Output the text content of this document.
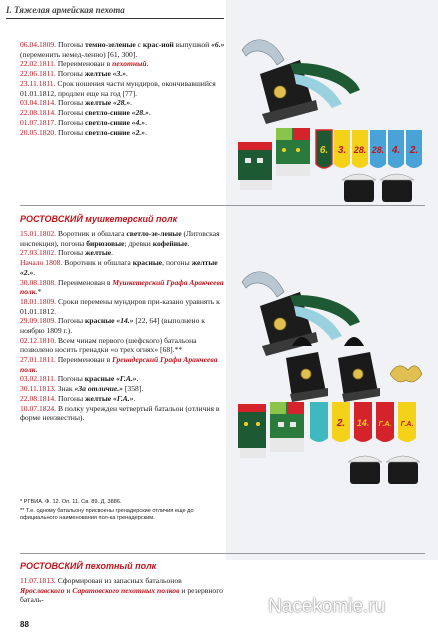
I. Тяжелая армейская пехота
06.04.1809. Погоны темно-зеленые с крас-ной выпушкой «6.» (переменить немед-ленно) [61, 300].
22.02.1811. Переименован в пехотный.
22.06.1811. Погоны желтые «3.».
23.11.1811. Срок ношения части мундиров, окончивавшийся 01.01.1812, продлен еще на год [77].
03.04.1814. Погоны желтые «28.».
22.08.1814. Погоны светло-синие «28.».
01.07.1817. Погоны светло-синие «4.».
20.05.1820. Погоны светло-синие «2.».
РОСТОВСКИЙ мушкетерский полк
15.01.1802. Воротник и обшлага светло-зе-леные (Литовская инспекция), погоны бирюзовые; древки кофейные.
27.03.1802. Погоны желтые.
Начало 1808. Воротник и обшлага красные, погоны желтые «2.».
30.08.1808. Переименован в Мушкетерский Графа Аракчеева полк.*
18.01.1809. Сроки перемены мундиров при-казано уравнять к 01.01.1812.
29.09.1809. Погоны красные «14.» [22, 64] (выполнено к ноябрю 1809 г.).
02.12.1810. Всем чинам первого (шефского) батальона позволено носить гренадки «о трех огнях» [68].**
27.01.1811. Переименован в Гренадерский Графа Аракчеева полк.
03.02.1811. Погоны красные «Г.А.».
30.11.1813. Знак «За отличие.» [358].
22.08.1814. Погоны желтые «Г.А.».
10.07.1824. В полку учрежден четвертый батальон (отличия в форме неизвестны).
* РГВИА. Ф. 12. Оп. 11. Св. 89. Д. 3886.
** Т.е. одному батальону присвоены гренадерские отличия еще до официального наименования пол-ка гренадерским.
РОСТОВСКИЙ пехотный полк
11.07.1813. Сформирован из запасных батальонов Ярославского и Саратовского пехотных полков и резервного баталь-
6. 3. 28. 28. 4. 2.
2. 14. Г.А. Г.А.
Nacekomie.ru
88
